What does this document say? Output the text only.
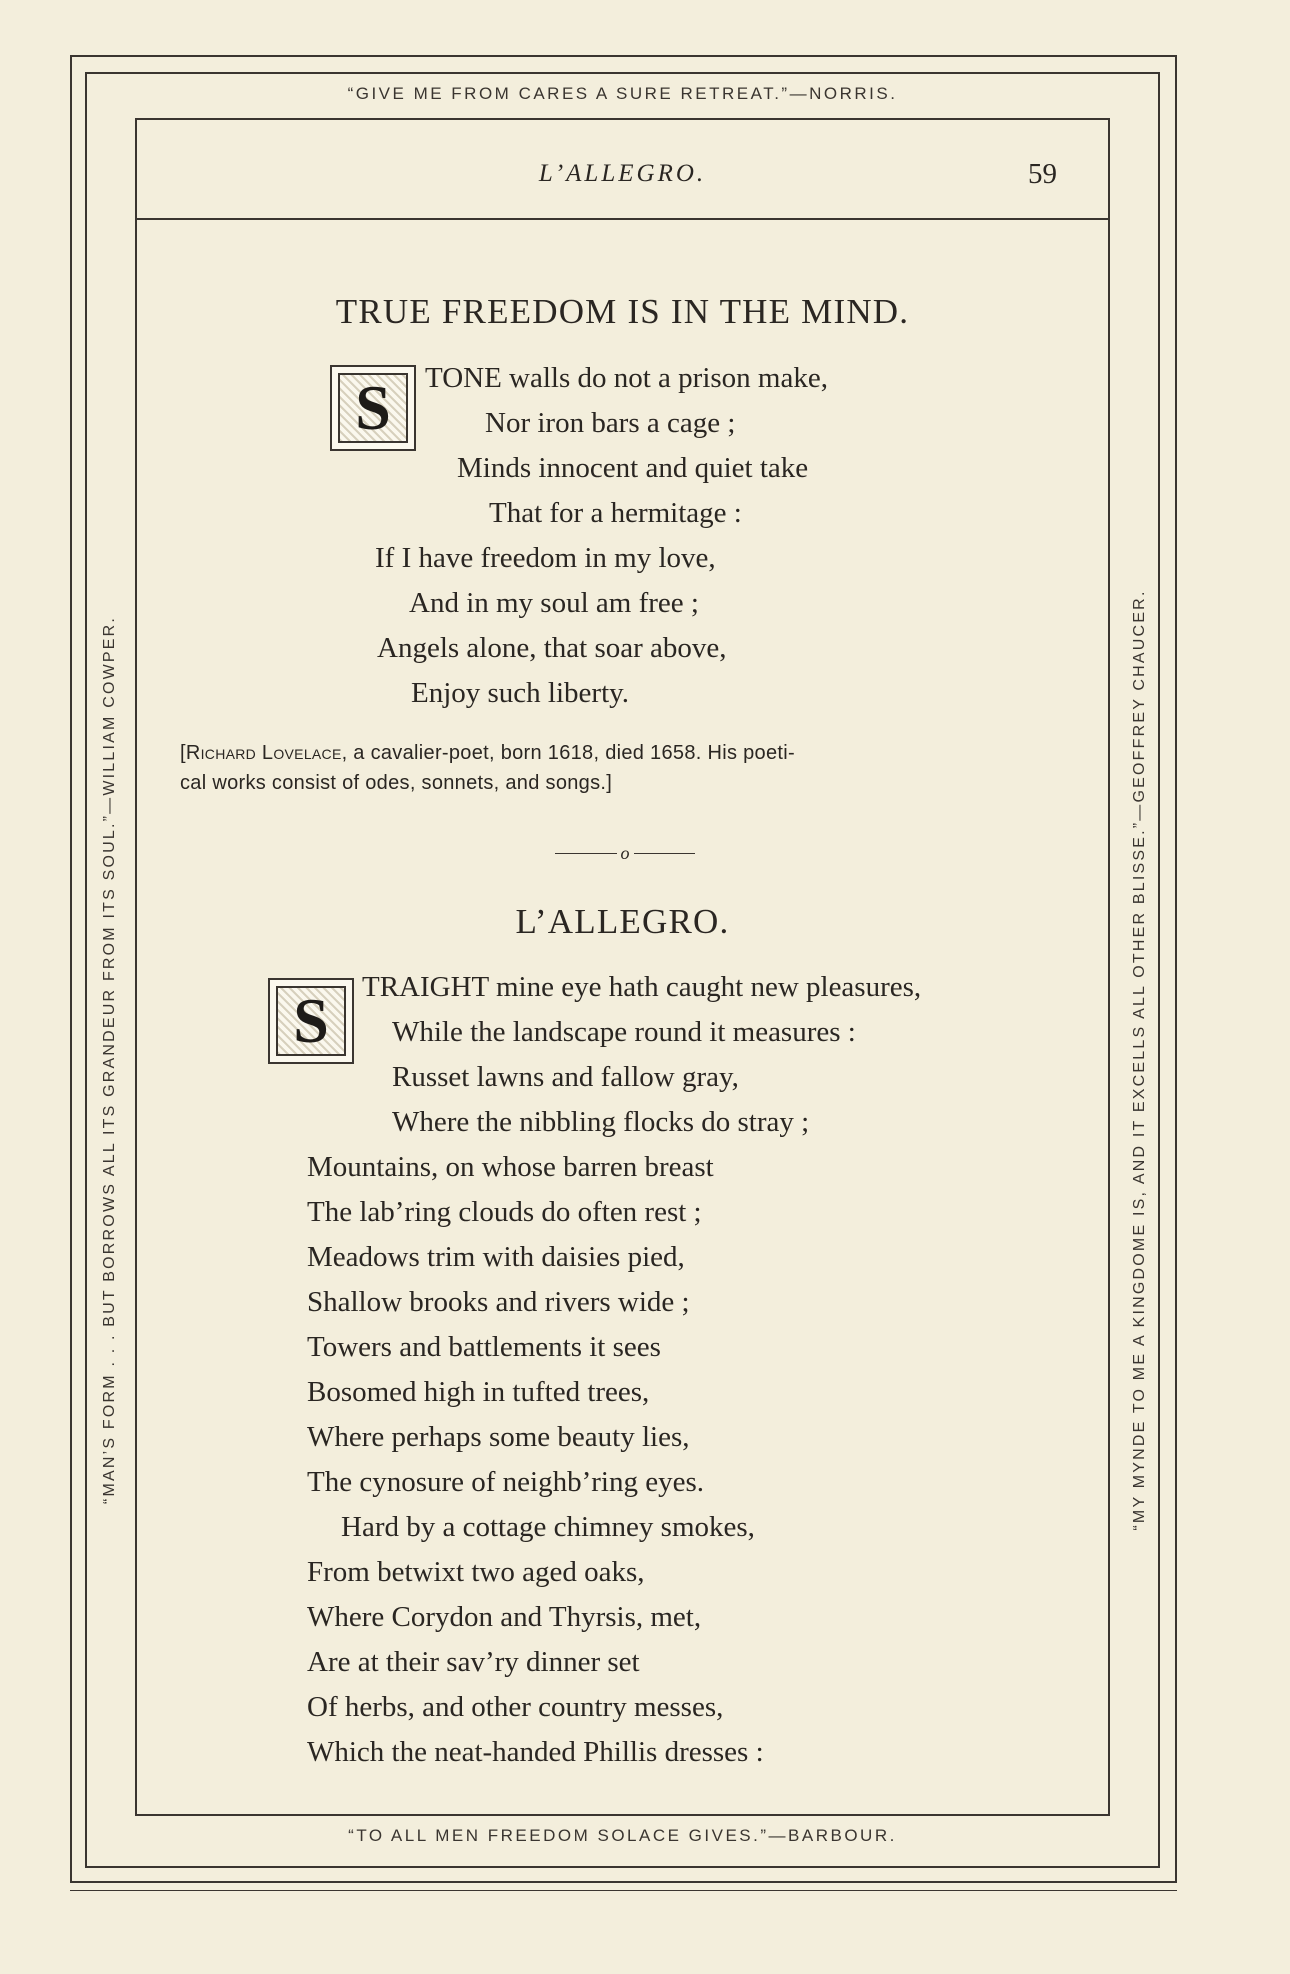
“GIVE ME FROM CARES A SURE RETREAT.”—NORRIS.
“TO ALL MEN FREEDOM SOLACE GIVES.”—BARBOUR.
“MAN’S FORM . . . BUT BORROWS ALL ITS GRANDEUR FROM ITS SOUL.”—WILLIAM COWPER.	“MY MYNDE TO ME A KINGDOME IS, AND IT EXCELLS ALL OTHER BLISSE.”—GEOFFREY CHAUCER.
L’ALLEGRO.	59
TRUE FREEDOM IS IN THE MIND.
S	TONE walls do not a prison make,
Nor iron bars a cage ;
Minds innocent and quiet take
That for a hermitage :
If I have freedom in my love,
And in my soul am free ;
Angels alone, that soar above,
Enjoy such liberty.
[Richard Lovelace, a cavalier-poet, born 1618, died 1658. His poeti-
cal works consist of odes, sonnets, and songs.]
o
L’ALLEGRO.
S	TRAIGHT mine eye hath caught new pleasures,
While the landscape round it measures :
Russet lawns and fallow gray,
Where the nibbling flocks do stray ;
Mountains, on whose barren breast
The lab’ring clouds do often rest ;
Meadows trim with daisies pied,
Shallow brooks and rivers wide ;
Towers and battlements it sees
Bosomed high in tufted trees,
Where perhaps some beauty lies,
The cynosure of neighb’ring eyes.
Hard by a cottage chimney smokes,
From betwixt two aged oaks,
Where Corydon and Thyrsis, met,
Are at their sav’ry dinner set
Of herbs, and other country messes,
Which the neat-handed Phillis dresses :
